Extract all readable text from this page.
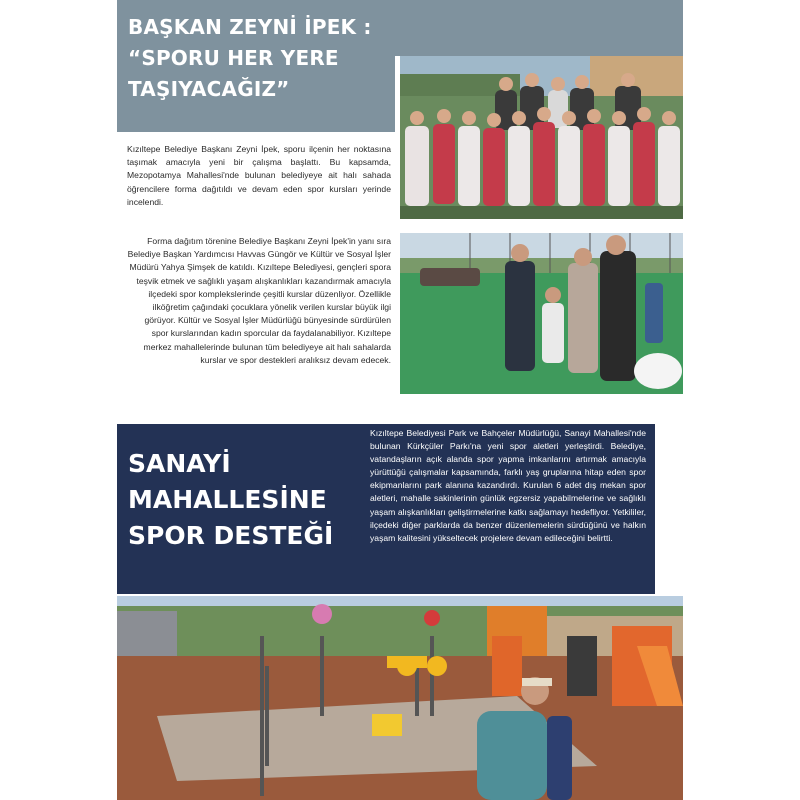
BAŞKAN ZEYNİ İPEK :
“SPORU HER YERE
TAŞIYACAĞIZ”
Kızıltepe Belediye Başkanı Zeyni İpek, sporu ilçenin her noktasına taşımak amacıyla yeni bir çalışma başlattı. Bu kapsamda, Mezopotamya Mahallesi'nde bulunan belediyeye ait halı sahada öğrencilere forma dağıtıldı ve devam eden spor kursları yerinde incelendi.
Forma dağıtım törenine Belediye Başkanı Zeyni İpek'in yanı sıra Belediye Başkan Yardımcısı Havvas Güngör ve Kültür ve Sosyal İşler Müdürü Yahya Şimşek de katıldı. Kızıltepe Belediyesi, gençleri spora teşvik etmek ve sağlıklı yaşam alışkanlıkları kazandırmak amacıyla ilçedeki spor komplekslerinde çeşitli kurslar düzenliyor. Özellikle ilköğretim çağındaki çocuklara yönelik verilen kurslar büyük ilgi görüyor. Kültür ve Sosyal İşler Müdürlüğü bünyesinde sürdürülen spor kurslarından kadın sporcular da faydalanabiliyor. Kızıltepe merkez mahallelerinde bulunan tüm belediyeye ait halı sahalarda kurslar ve spor destekleri aralıksız devam edecek.
SANAYİ
MAHALLESİNE
SPOR DESTEĞİ
Kızıltepe Belediyesi Park ve Bahçeler Müdürlüğü, Sanayi Mahallesi'nde bulunan Kürkçüler Parkı'na yeni spor aletleri yerleştirdi. Belediye, vatandaşların açık alanda spor yapma imkanlarını artırmak amacıyla yürüttüğü çalışmalar kapsamında, farklı yaş gruplarına hitap eden spor ekipmanlarını park alanına kazandırdı. Kurulan 6 adet dış mekan spor aletleri, mahalle sakinlerinin günlük egzersiz yapabilmelerine ve sağlıklı yaşam alışkanlıkları geliştirmelerine katkı sağlamayı hedefliyor. Yetkililer, ilçedeki diğer parklarda da benzer düzenlemelerin sürdüğünü ve halkın yaşam kalitesini yükseltecek projelere devam edileceğini belirtti.
